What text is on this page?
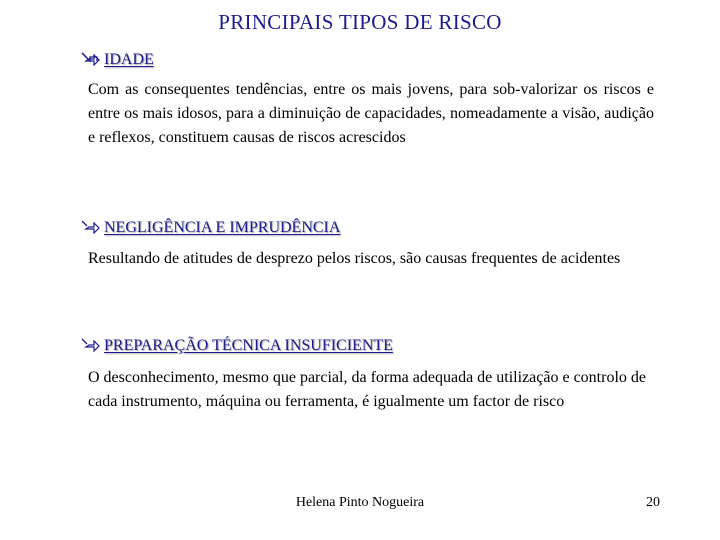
PRINCIPAIS TIPOS DE RISCO
IDADE
Com as consequentes tendências, entre os mais jovens, para sob-valorizar os riscos e entre os mais idosos, para a diminuição de capacidades, nomeadamente a visão, audição e reflexos, constituem causas de riscos acrescidos
NEGLIGÊNCIA E IMPRUDÊNCIA
Resultando de atitudes de desprezo pelos riscos, são causas frequentes de acidentes
PREPARAÇÃO TÉCNICA INSUFICIENTE
O desconhecimento, mesmo que parcial, da forma adequada de utilização e controlo de cada instrumento, máquina ou ferramenta, é igualmente um factor de risco
Helena Pinto Nogueira	20
